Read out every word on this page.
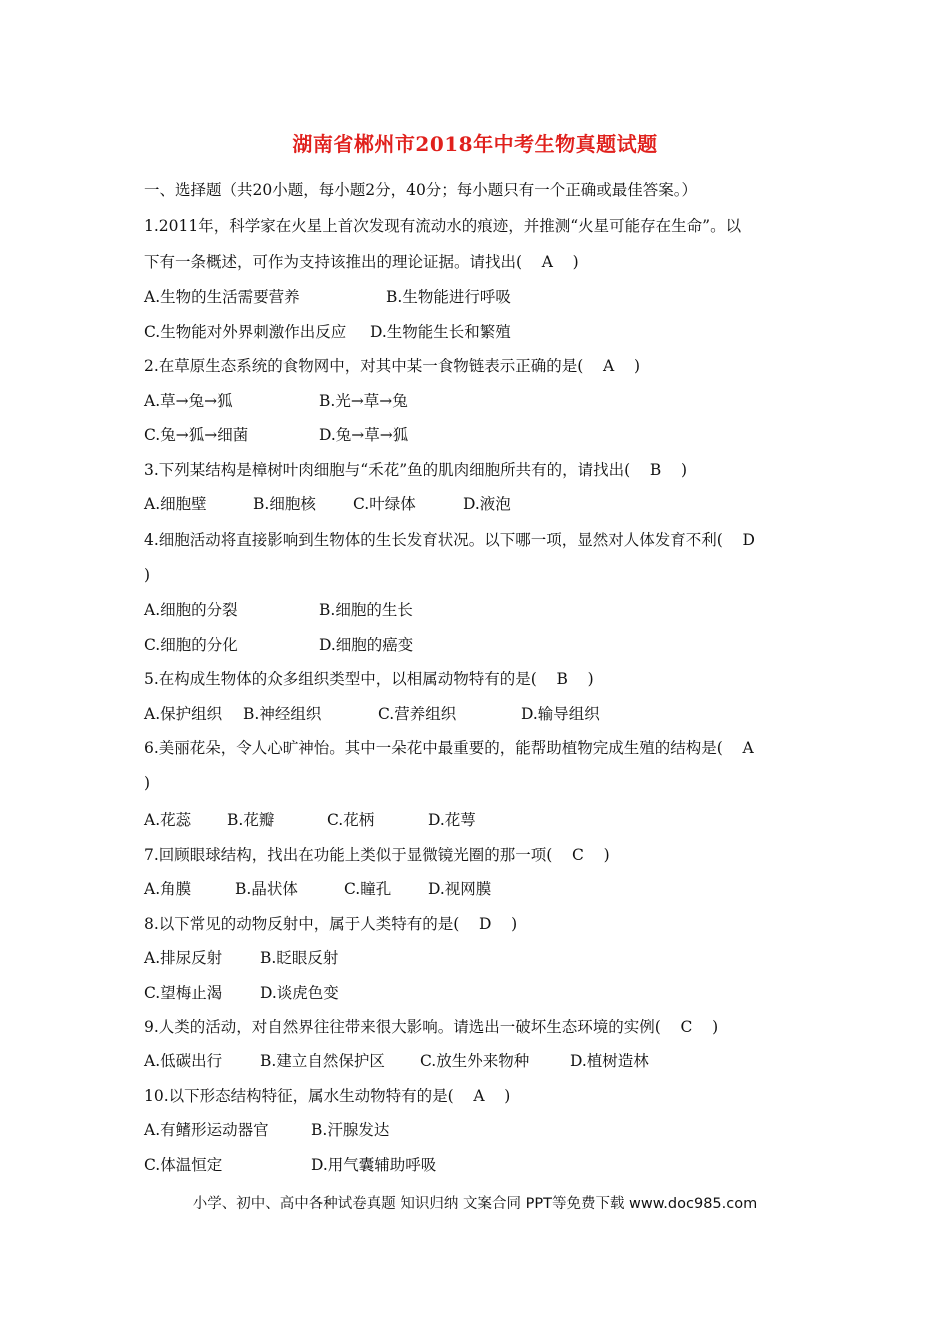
湖南省郴州市2018年中考生物真题试题
一、选择题（共20小题，每小题2分，40分；每小题只有一个正确或最佳答案。）
1.2011年，科学家在火星上首次发现有流动水的痕迹，并推测“火星可能存在生命”。以
下有一条概述，可作为支持该推出的理论证据。请找出(    A    )
A.生物的生活需要营养	B.生物能进行呼吸
C.生物能对外界刺激作出反应 D.生物能生长和繁殖
2.在草原生态系统的食物网中，对其中某一食物链表示正确的是(    A    )
A.草→兔→狐	B.光→草→兔
C.兔→狐→细菌	D.兔→草→狐
3.下列某结构是樟树叶肉细胞与“禾花”鱼的肌肉细胞所共有的，请找出(    B    )
A.细胞壁	B.细胞核 C.叶绿体	D.液泡
4.细胞活动将直接影响到生物体的生长发育状况。以下哪一项，显然对人体发育不利(    D
)
A.细胞的分裂	B.细胞的生长
C.细胞的分化	D.细胞的癌变
5.在构成生物体的众多组织类型中，以相属动物特有的是(    B    )
A.保护组织 B.神经组织	C.营养组织	D.输导组织
6.美丽花朵，令人心旷神怡。其中一朵花中最重要的，能帮助植物完成生殖的结构是(    A
)
A.花蕊 B.花瓣	C.花柄	D.花萼
7.回顾眼球结构，找出在功能上类似于显微镜光圈的那一项(    C    )
A.角膜	B.晶状体	C.瞳孔 D.视网膜
8.以下常见的动物反射中，属于人类特有的是(    D    )
A.排尿反射 B.眨眼反射
C.望梅止渴 D.谈虎色变
9.人类的活动，对自然界往往带来很大影响。请选出一破坏生态环境的实例(    C    )
A.低碳出行 B.建立自然保护区 C.放生外来物种	D.植树造林
10.以下形态结构特征，属水生动物特有的是(    A    )
A.有鳍形运动器官	B.汗腺发达
C.体温恒定	D.用气囊辅助呼吸
小学、初中、高中各种试卷真题 知识归纳 文案合同 PPT等免费下载 www.doc985.com
